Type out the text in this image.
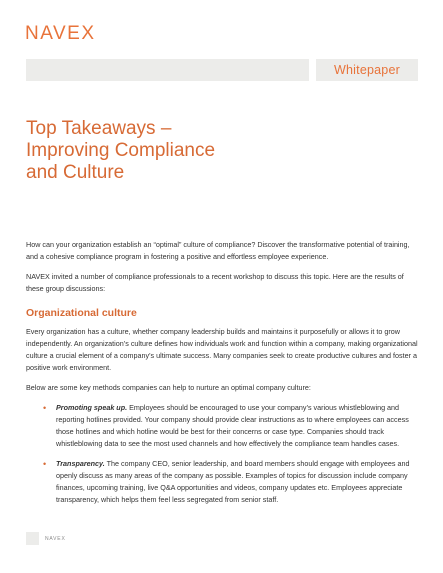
NAVEX
Whitepaper
Top Takeaways –
Improving Compliance
and Culture

How can your organization establish an “optimal” culture of compliance? Discover the transformative potential of training, and a cohesive compliance program in fostering a positive and effortless employee experience.

NAVEX invited a number of compliance professionals to a recent workshop to discuss this topic. Here are the results of these group discussions:

Organizational culture

Every organization has a culture, whether company leadership builds and maintains it purposefully or allows it to grow independently. An organization’s culture defines how individuals work and function within a company, making organizational culture a crucial element of a company’s ultimate success. Many companies seek to create productive cultures and foster a positive work environment.

Below are some key methods companies can help to nurture an optimal company culture:

• Promoting speak up. Employees should be encouraged to use your company’s various whistleblowing and reporting hotlines provided. Your company should provide clear instructions as to where employees can access those hotlines and which hotline would be best for their concerns or case type. Companies should track whistleblowing data to see the most used channels and how effectively the compliance team handles cases.
• Transparency. The company CEO, senior leadership, and board members should engage with employees and openly discuss as many areas of the company as possible. Examples of topics for discussion include company finances, upcoming training, live Q&A opportunities and videos, company updates etc. Employees appreciate transparency, which helps them feel less segregated from senior staff.
NAVEX
